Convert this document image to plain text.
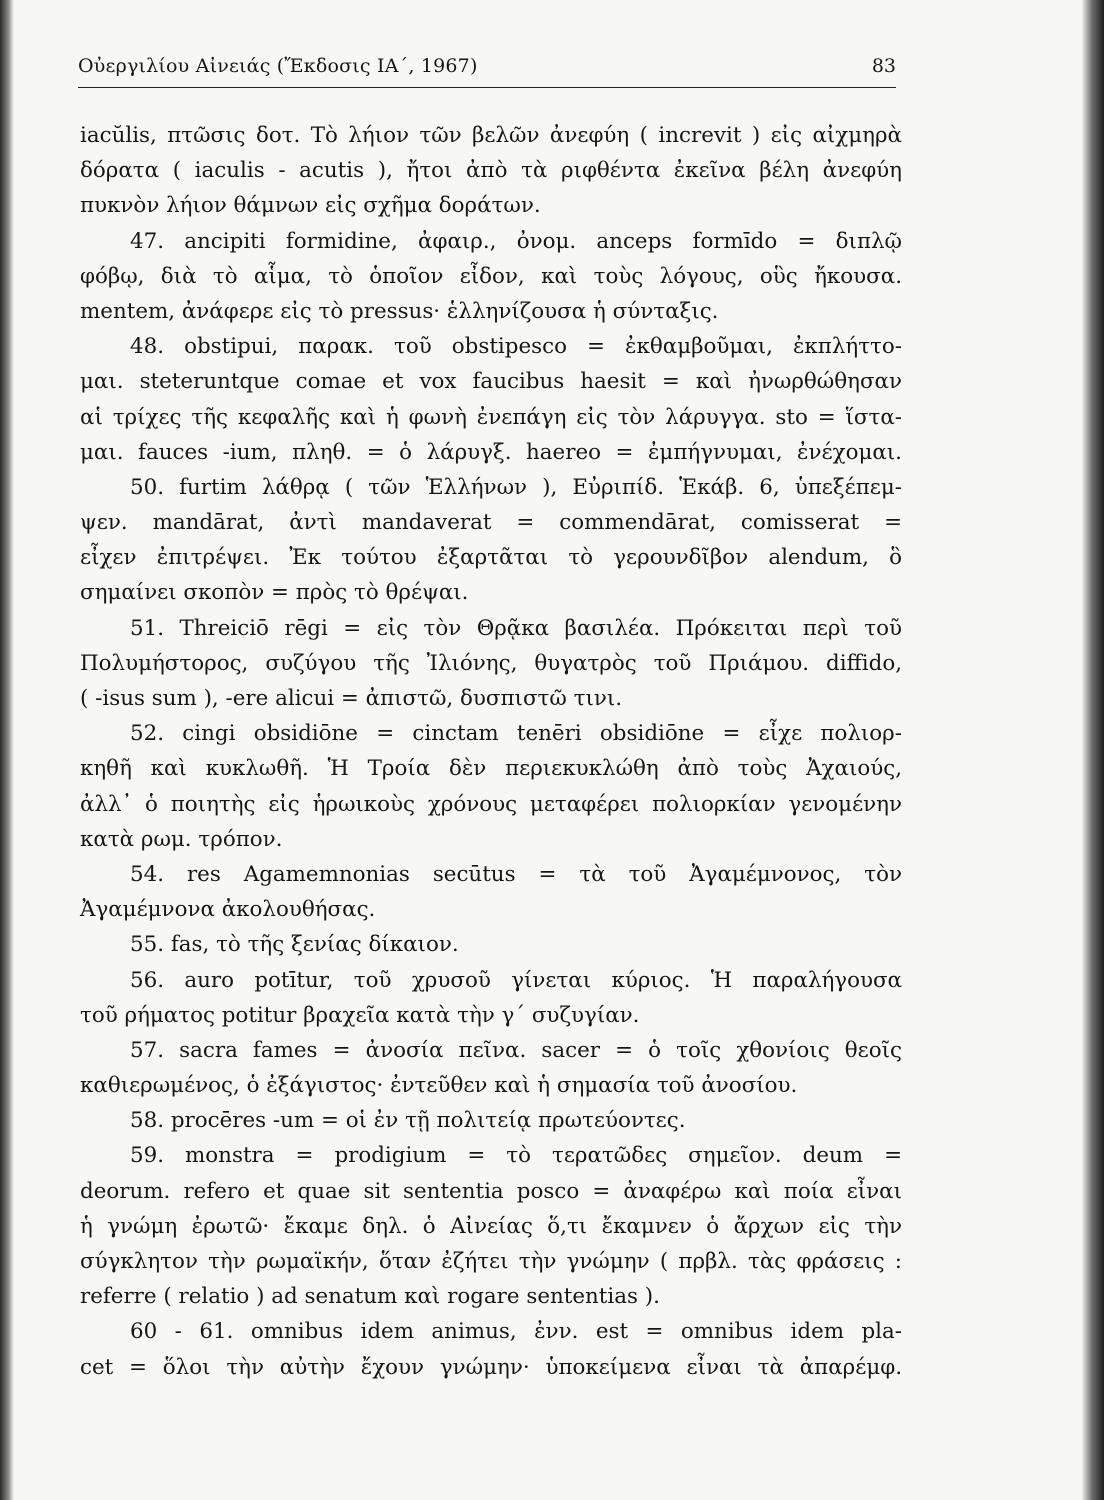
Οὐεργιλίου Αἰνειάς (Ἔκδοσις ΙΑ΄, 1967)	83
iacŭlis, πτῶσις δοτ. Τὸ λήιον τῶν βελῶν ἀνεφύη ( increvit ) εἰς αἰχμηρὰ
δόρατα ( iaculis - acutis ), ἤτοι ἀπὸ τὰ ριφθέντα ἐκεῖνα βέλη ἀνεφύη
πυκνὸν λήιον θάμνων εἰς σχῆμα δοράτων.
47. ancipiti formidine, ἀφαιρ., ὀνομ. anceps formīdo = διπλῷ
φόβῳ, διὰ τὸ αἷμα, τὸ ὁποῖον εἶδον, καὶ τοὺς λόγους, οὓς ἤκουσα.
mentem, ἀνάφερε εἰς τὸ pressus· ἑλληνίζουσα ἡ σύνταξις.
48. obstipui, παρακ. τοῦ obstipesco = ἐκθαμβοῦμαι, ἐκπλήττο-
μαι. steteruntque comae et vox faucibus haesit = καὶ ἠνωρθώθησαν
αἱ τρίχες τῆς κεφαλῆς καὶ ἡ φωνὴ ἐνεπάγη εἰς τὸν λάρυγγα. sto = ἵστα-
μαι. fauces -ium, πληθ. = ὁ λάρυγξ. haereo = ἐμπήγνυμαι, ἐνέχομαι.
50. furtim λάθρᾳ ( τῶν Ἑλλήνων ), Εὐριπίδ. Ἑκάβ. 6, ὑπεξέπεμ-
ψεν. mandārat, ἀντὶ mandaverat = commendārat, comisserat =
εἶχεν ἐπιτρέψει. Ἐκ τούτου ἐξαρτᾶται τὸ γερουνδῖβον alendum, ὃ
σημαίνει σκοπὸν = πρὸς τὸ θρέψαι.
51. Threiciō rēgi = εἰς τὸν Θρᾷκα βασιλέα. Πρόκειται περὶ τοῦ
Πολυμήστορος, συζύγου τῆς Ἰλιόνης, θυγατρὸς τοῦ Πριάμου. diffido,
( -isus sum ), -ere alicui = ἀπιστῶ, δυσπιστῶ τινι.
52. cingi obsidiōne = cinctam tenēri obsidiōne = εἶχε πολιορ-
κηθῆ καὶ κυκλωθῆ. Ἡ Τροία δὲν περιεκυκλώθη ἀπὸ τοὺς Ἀχαιούς,
ἀλλ᾽ ὁ ποιητὴς εἰς ἡρωικοὺς χρόνους μεταφέρει πολιορκίαν γενομένην
κατὰ ρωμ. τρόπον.
54. res Agamemnonias secūtus = τὰ τοῦ Ἀγαμέμνονος, τὸν
Ἀγαμέμνονα ἀκολουθήσας.
55. fas, τὸ τῆς ξενίας δίκαιον.
56. auro potītur, τοῦ χρυσοῦ γίνεται κύριος. Ἡ παραλήγουσα
τοῦ ρήματος potitur βραχεῖα κατὰ τὴν γ΄ συζυγίαν.
57. sacra fames = ἀνοσία πεῖνα. sacer = ὁ τοῖς χθονίοις θεοῖς
καθιερωμένος, ὁ ἐξάγιστος· ἐντεῦθεν καὶ ἡ σημασία τοῦ ἀνοσίου.
58. procēres -um = οἱ ἐν τῇ πολιτείᾳ πρωτεύοντες.
59. monstra = prodigium = τὸ τερατῶδες σημεῖον. deum =
deorum. refero et quae sit sententia posco = ἀναφέρω καὶ ποία εἶναι
ἡ γνώμη ἐρωτῶ· ἔκαμε δηλ. ὁ Αἰνείας ὅ,τι ἔκαμνεν ὁ ἄρχων εἰς τὴν
σύγκλητον τὴν ρωμαϊκήν, ὅταν ἐζήτει τὴν γνώμην ( πρβλ. τὰς φράσεις :
referre ( relatio ) ad senatum καὶ rogare sententias ).
60 - 61. omnibus idem animus, ἐνν. est = omnibus idem pla-
cet = ὅλοι τὴν αὐτὴν ἔχουν γνώμην· ὑποκείμενα εἶναι τὰ ἀπαρέμφ.
